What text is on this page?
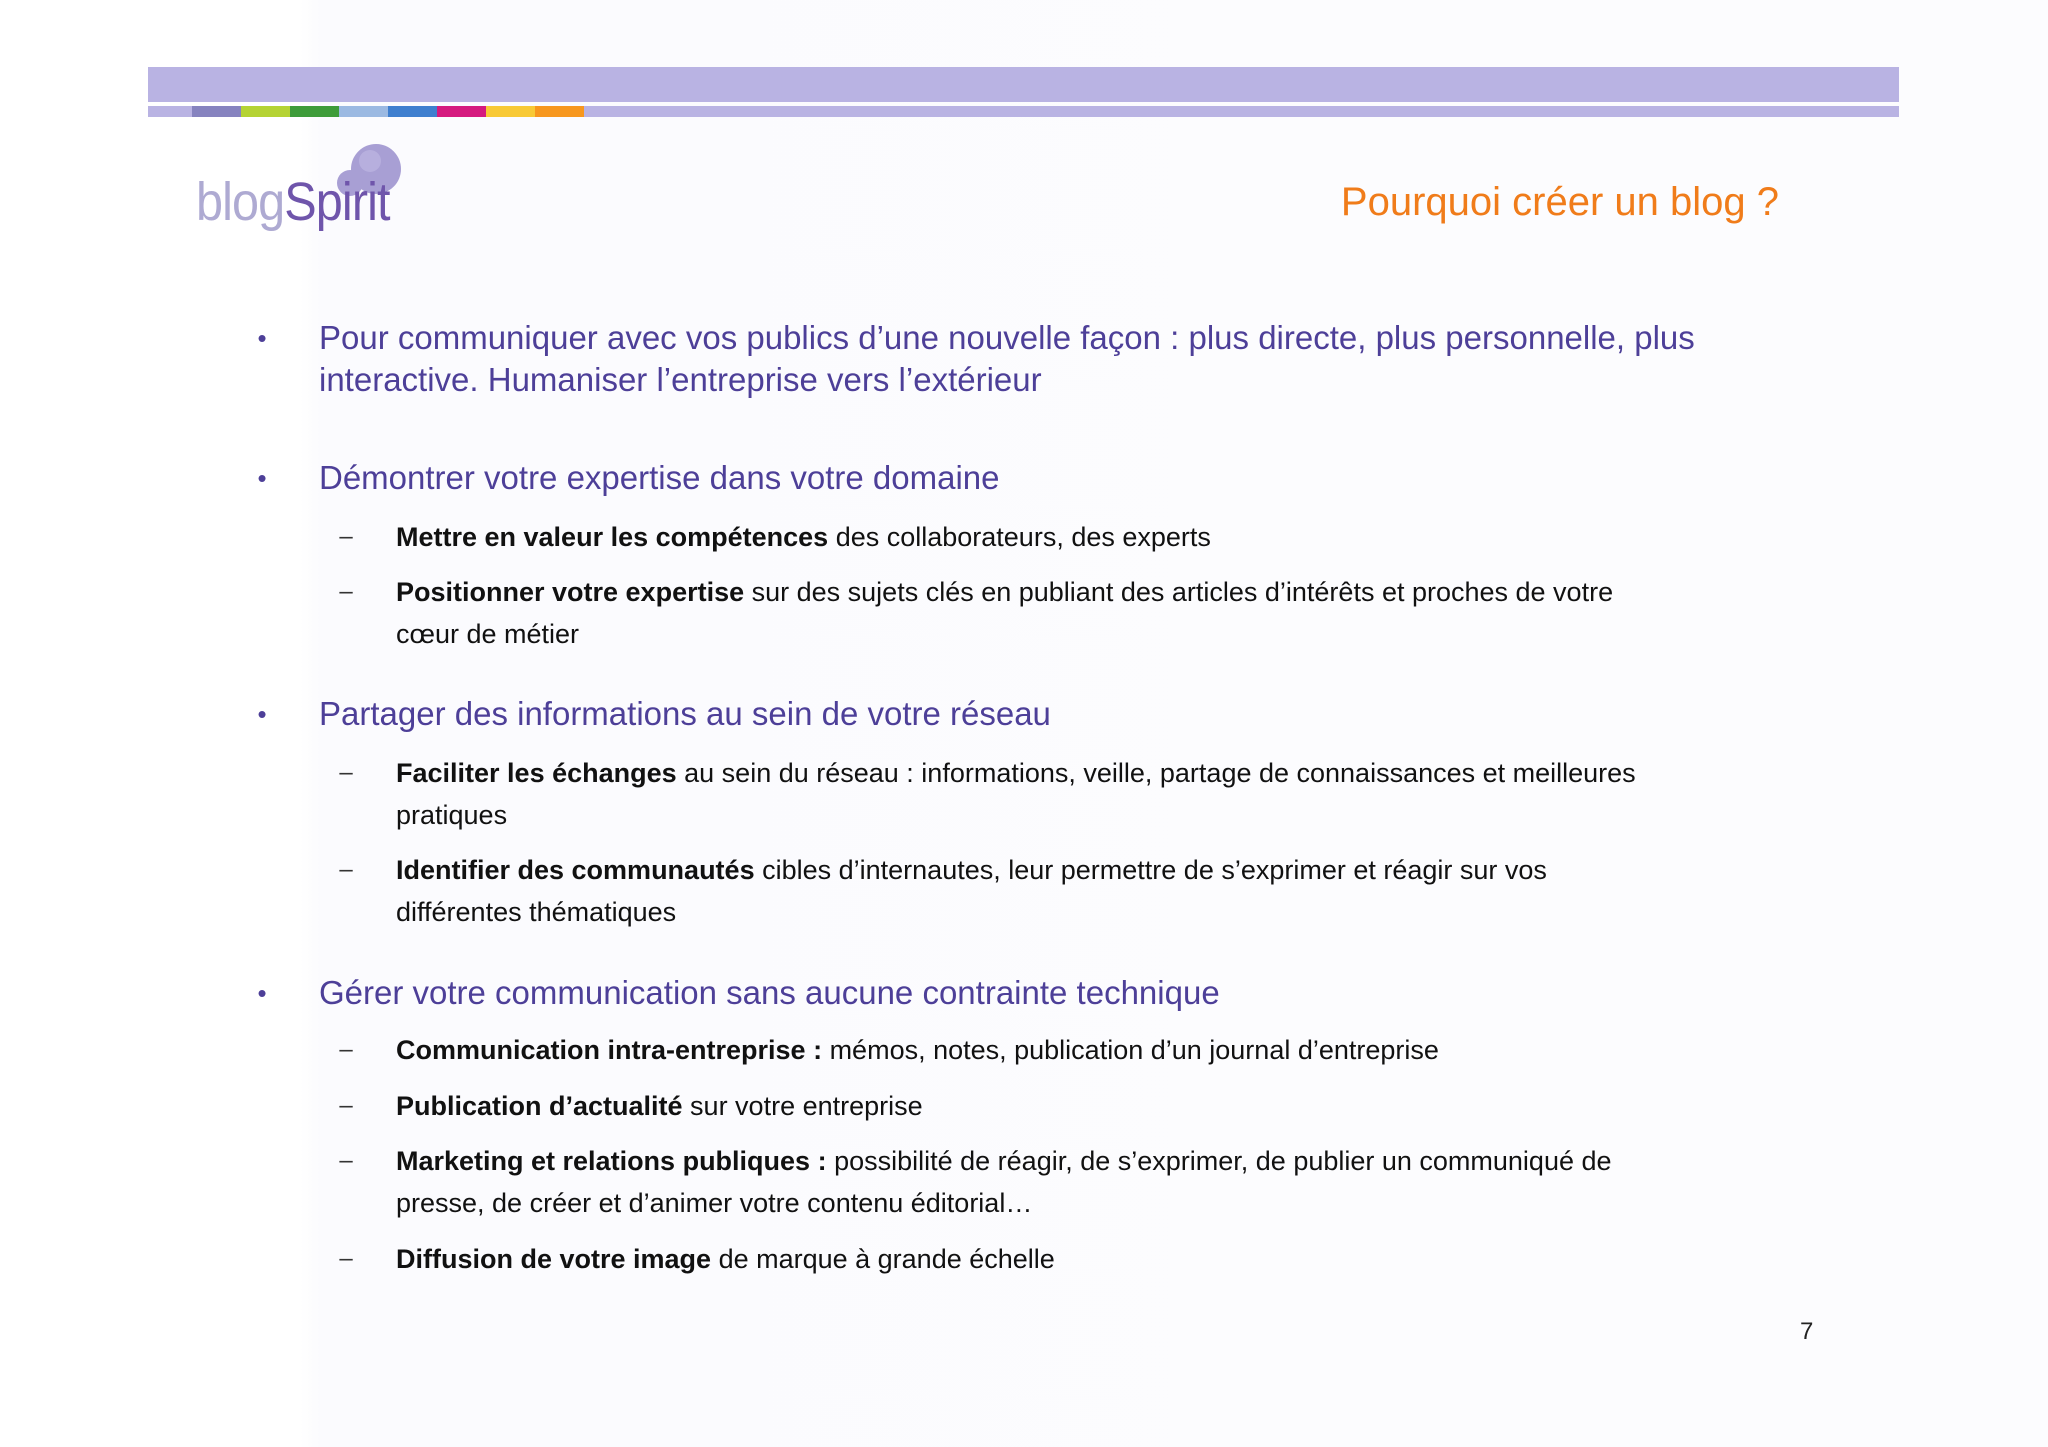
blogSpirit	Pourquoi créer un blog ?
• Pour communiquer avec vos publics d’une nouvelle façon : plus directe, plus personnelle, plus
interactive. Humaniser l’entreprise vers l’extérieur
• Démontrer votre expertise dans votre domaine
– Mettre en valeur les compétences des collaborateurs, des experts
– Positionner votre expertise sur des sujets clés en publiant des articles d’intérêts et proches de votre
cœur de métier
• Partager des informations au sein de votre réseau
– Faciliter les échanges au sein du réseau : informations, veille, partage de connaissances et meilleures
pratiques
– Identifier des communautés cibles d’internautes, leur permettre de s’exprimer et réagir sur vos
différentes thématiques
• Gérer votre communication sans aucune contrainte technique
– Communication intra-entreprise : mémos, notes, publication d’un journal d’entreprise
– Publication d’actualité sur votre entreprise
– Marketing et relations publiques : possibilité de réagir, de s’exprimer, de publier un communiqué de
presse, de créer et d’animer votre contenu éditorial…
– Diffusion de votre image de marque à grande échelle
7
